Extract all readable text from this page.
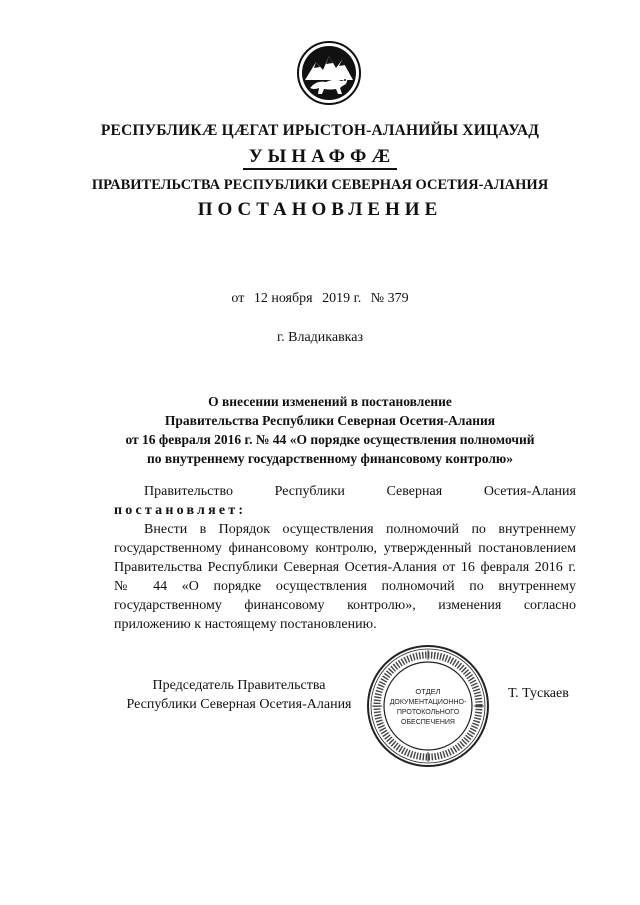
РЕСПУБЛИКÆ ЦÆГАТ ИРЫСТОН-АЛАНИЙЫ ХИЦАУАД
УЫНАФФÆ
ПРАВИТЕЛЬСТВА РЕСПУБЛИКИ СЕВЕРНАЯ ОСЕТИЯ-АЛАНИЯ
ПОСТАНОВЛЕНИЕ
от 12 ноября 2019 г. № 379
г. Владикавказ
О внесении изменений в постановление
Правительства Республики Северная Осетия-Алания
от 16 февраля 2016 г. № 44 «О порядке осуществления полномочий
по внутреннему государственному финансовому контролю»
Правительство	Республики	Северная	Осетия-Алания
постановляет:
Внести в Порядок осуществления полномочий по внутреннему
государственному финансовому контролю, утвержденный постановлением
Правительства Республики Северная Осетия-Алания от 16 февраля 2016 г.
№ 44 «О порядке осуществления полномочий по внутреннему
государственному финансовому контролю», изменения согласно
приложению к настоящему постановлению.
Председатель Правительства
Республики Северная Осетия-Алания
ОТДЕЛ
ДОКУМЕНТАЦИОННО-
ПРОТОКОЛЬНОГО
ОБЕСПЕЧЕНИЯ
Т. Тускаев
